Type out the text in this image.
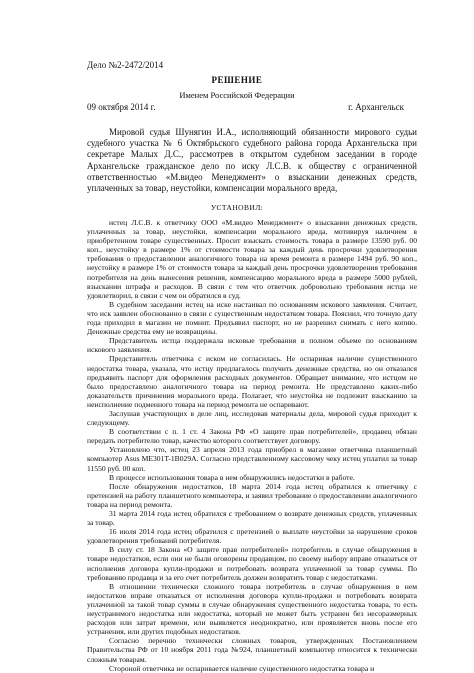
Дело №2-2472/2014
РЕШЕНИЕ
Именем Российской Федерации
09 октября 2014 г.	г. Архангельск
Мировой судья Шунягин И.А., исполняющий обязанности мирового судьи судебного участка № 6 Октябрьского судебного района города Архангельска при секретаре Малых Д.С., рассмотрев в открытом судебном заседании в городе Архангельске гражданское дело по иску Л.С.В. к обществу с ограниченной ответственностью «М.видео Менеджмент» о взыскании денежных средств, уплаченных за товар, неустойки, компенсации морального вреда,
УСТАНОВИЛ:

истец Л.С.В. к ответчику ООО «М.видео Менеджмент» о взыскании денежных средств, уплаченных за товар, неустойки, компенсации морального вреда, мотивируя наличием в приобретенном товаре существенных. Просит взыскать стоимость товара в размере 13590 руб. 00 коп., неустойку в размере 1% от стоимости товара за каждый день просрочки удовлетворения требования о предоставлении аналогичного товара на время ремонта в размере 1494 руб. 90 коп., неустойку в размере 1% от стоимости товара за каждый день просрочки удовлетворения требования потребителя на день вынесения решения, компенсацию морального вреда в размере 5000 рублей, взыскании штрафа и расходов. В связи с тем что ответчик добровольно требования истца не удовлетворил, в связи с чем он обратился в суд.

В судебном заседании истец на иске настаивал по основаниям искового заявления. Считает, что иск заявлен обоснованно в связи с существенным недостатком товара. Пояснил, что точную дату года приходил в магазин не помнит. Предъявил паспорт, но не разрешил снимать с него копию. Денежные средства ему не возвращены.

Представитель истца поддержала исковые требования в полном объеме по основаниям искового заявления.

Представитель ответчика с иском не согласилась. Не оспаривая наличие существенного недостатка товара, указала, что истцу предлагалось получить денежные средства, но он отказался предъявить паспорт для оформления расходных документов. Обращает внимание, что истцом не было предоставлено аналогичного товара на период ремонта. Не представлено каких-либо доказательств причинения морального вреда. Полагает, что неустойка не подлежит взысканию за неисполнение подменного товара на период ремонта не оспаривают.

Заслушав участвующих в деле лиц, исследовав материалы дела, мировой судья приходит к следующему.

В соответствии с п. 1 ст. 4 Закона РФ «О защите прав потребителей», продавец обязан передать потребителю товар, качество которого соответствует договору.

Установлено что, истец 23 апреля 2013 года приобрел в магазине ответчика планшетный компьютер Asus ME301T-1B029A. Согласно представленному кассовому чеку истец уплатил за товар 11550 руб. 00 коп.

В процессе использования товара в нем обнаружились недостатки в работе.

После обнаружения недостатков, 18 марта 2014 года истец обратился к ответчику с претензией на работу планшетного компьютера, и заявил требование о предоставлении аналогичного товара на период ремонта.

31 марта 2014 года истец обратился с требованием о возврате денежных средств, уплаченных за товар.

16 июля 2014 года истец обратился с претензией о выплате неустойки за нарушение сроков удовлетворения требований потребителя.

В силу ст. 18 Закона «О защите прав потребителей» потребитель в случае обнаружения в товаре недостатков, если они не были оговорены продавцом, по своему выбору вправе отказаться от исполнения договора купли-продажи и потребовать возврата уплаченной за товар суммы. По требованию продавца и за его счет потребитель должен возвратить товар с недостатками.

В отношении технически сложного товара потребитель в случае обнаружения в нем недостатков вправе отказаться от исполнения договора купли-продажи и потребовать возврата уплаченной за такой товар суммы в случае обнаружения существенного недостатка товара, то есть неустранимого недостатка или недостатка, который не может быть устранен без несоразмерных расходов или затрат времени, или выявляется неоднократно, или проявляется вновь после его устранения, или других подобных недостатков.

Согласно перечню технически сложных товаров, утвержденных Постановлением Правительства РФ от 10 ноября 2011 года №924, планшетный компьютер относится к технически сложным товарам.

Стороной ответчика не оспаривается наличие существенного недостатка товара и
